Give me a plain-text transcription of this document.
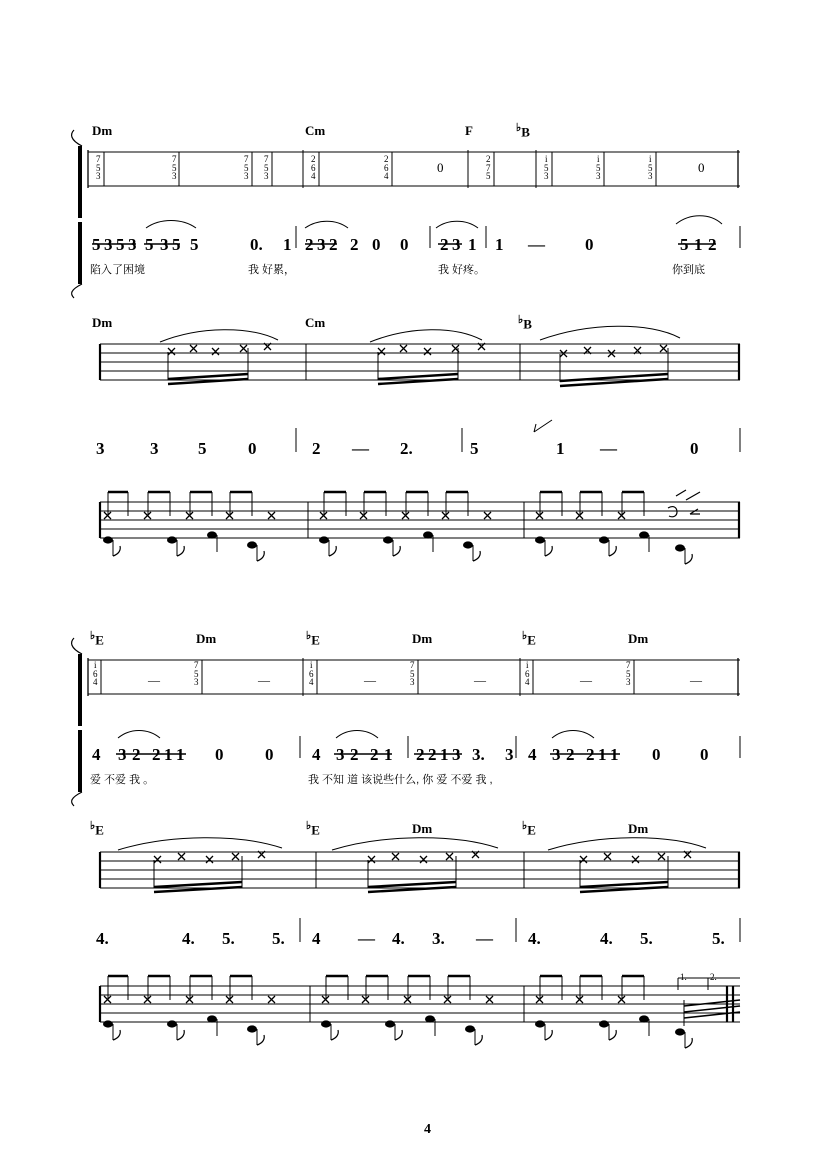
Dm	Cm	F	♭B
7
5
3
7
5
3
7
5
3
7
5
3
2
6
4
2
6
4
0
2
7
5
i
5
3
i
5
3
i
5
3
0
5 3 5 3 5 3 5 5	0. 1 2 3 2 2 0 0 2 3 1 1 — 0	5 1 2
陷入了困境	我 好累，	我 好疼。	你到底
Dm	Cm	♭B
3	3 5 0	2 — 2.	5	1 —	0
♭E	Dm	♭E	Dm	♭E	Dm
i
6
4	—
7
5
3	—
i
6
4	—
7
5
3	—
i
6
4	—
7
5
3	—
4 3 2 2 1 1 0 0 4 3 2 2 1 2 2 1 3 3. 3 4 3 2 2 1 1 0 0
爱 不爱 我 。	我 不知 道 该说些什么, 你 爱 不爱 我 ,
♭E	♭E	Dm	♭E	Dm
4.	4. 5. 5. 4 — 4. 3. — 4.	4. 5.	5.
1.	2.
4
